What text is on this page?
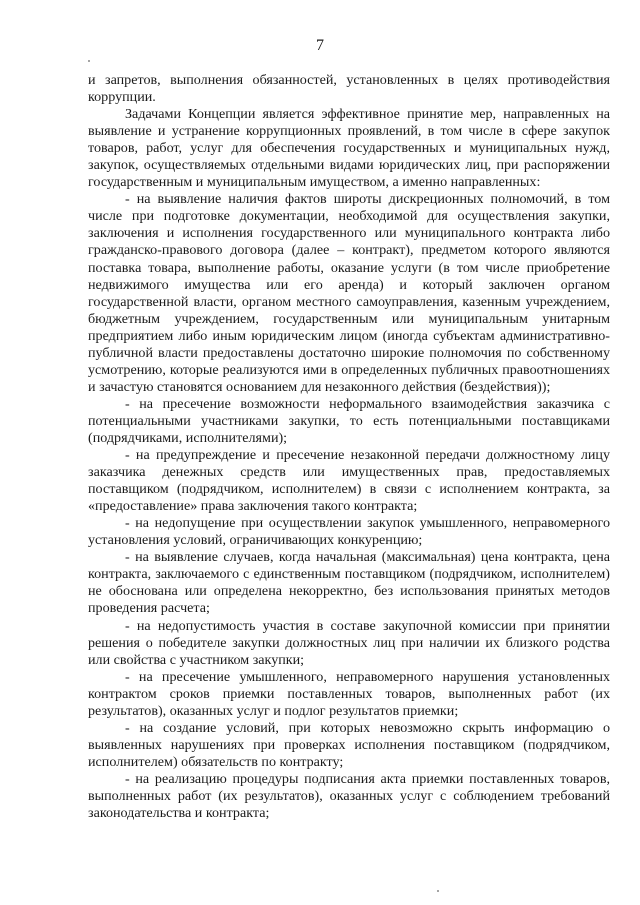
7

и запретов, выполнения обязанностей, установленных в целях противодействия коррупции.

Задачами Концепции является эффективное принятие мер, направленных на выявление и устранение коррупционных проявлений, в том числе в сфере закупок товаров, работ, услуг для обеспечения государственных и муниципальных нужд, закупок, осуществляемых отдельными видами юридических лиц, при распоряжении государственным и муниципальным имуществом, а именно направленных:

- на выявление наличия фактов широты дискреционных полномочий, в том числе при подготовке документации, необходимой для осуществления закупки, заключения и исполнения государственного или муниципального контракта либо гражданско-правового договора (далее – контракт), предметом которого являются поставка товара, выполнение работы, оказание услуги (в том числе приобретение недвижимого имущества или его аренда) и который заключен органом государственной власти, органом местного самоуправления, казенным учреждением, бюджетным учреждением, государственным или муниципальным унитарным предприятием либо иным юридическим лицом (иногда субъектам административно-публичной власти предоставлены достаточно широкие полномочия по собственному усмотрению, которые реализуются ими в определенных публичных правоотношениях и зачастую становятся основанием для незаконного действия (бездействия));

- на пресечение возможности неформального взаимодействия заказчика с потенциальными участниками закупки, то есть потенциальными поставщиками (подрядчиками, исполнителями);

- на предупреждение и пресечение незаконной передачи должностному лицу заказчика денежных средств или имущественных прав, предоставляемых поставщиком (подрядчиком, исполнителем) в связи с исполнением контракта, за «предоставление» права заключения такого контракта;

- на недопущение при осуществлении закупок умышленного, неправомерного установления условий, ограничивающих конкуренцию;

- на выявление случаев, когда начальная (максимальная) цена контракта, цена контракта, заключаемого с единственным поставщиком (подрядчиком, исполнителем) не обоснована или определена некорректно, без использования принятых методов проведения расчета;

- на недопустимость участия в составе закупочной комиссии при принятии решения о победителе закупки должностных лиц при наличии их близкого родства или свойства с участником закупки;

- на пресечение умышленного, неправомерного нарушения установленных контрактом сроков приемки поставленных товаров, выполненных работ (их результатов), оказанных услуг и подлог результатов приемки;

- на создание условий, при которых невозможно скрыть информацию о выявленных нарушениях при проверках исполнения поставщиком (подрядчиком, исполнителем) обязательств по контракту;

- на реализацию процедуры подписания акта приемки поставленных товаров, выполненных работ (их результатов), оказанных услуг с соблюдением требований законодательства и контракта;
